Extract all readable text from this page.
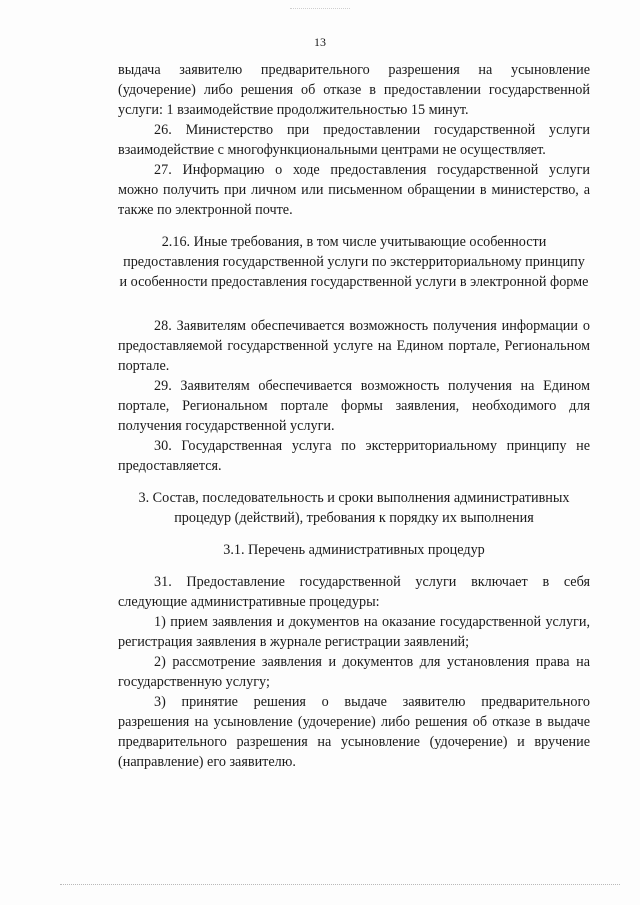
13

выдача заявителю предварительного разрешения на усыновление (удочерение) либо решения об отказе в предоставлении государственной услуги: 1 взаимодействие продолжительностью 15 минут.

26. Министерство при предоставлении государственной услуги взаимодействие с многофункциональными центрами не осуществляет.

27. Информацию о ходе предоставления государственной услуги можно получить при личном или письменном обращении в министерство, а также по электронной почте.

2.16. Иные требования, в том числе учитывающие особенности предоставления государственной услуги по экстерриториальному принципу и особенности предоставления государственной услуги в электронной форме

28. Заявителям обеспечивается возможность получения информации о предоставляемой государственной услуге на Едином портале, Региональном портале.

29. Заявителям обеспечивается возможность получения на Едином портале, Региональном портале формы заявления, необходимого для получения государственной услуги.

30. Государственная услуга по экстерриториальному принципу не предоставляется.

3. Состав, последовательность и сроки выполнения административных процедур (действий), требования к порядку их выполнения

3.1. Перечень административных процедур

31. Предоставление государственной услуги включает в себя следующие административные процедуры:

1) прием заявления и документов на оказание государственной услуги, регистрация заявления в журнале регистрации заявлений;

2) рассмотрение заявления и документов для установления права на государственную услугу;

3) принятие решения о выдаче заявителю предварительного разрешения на усыновление (удочерение) либо решения об отказе в выдаче предварительного разрешения на усыновление (удочерение) и вручение (направление) его заявителю.
